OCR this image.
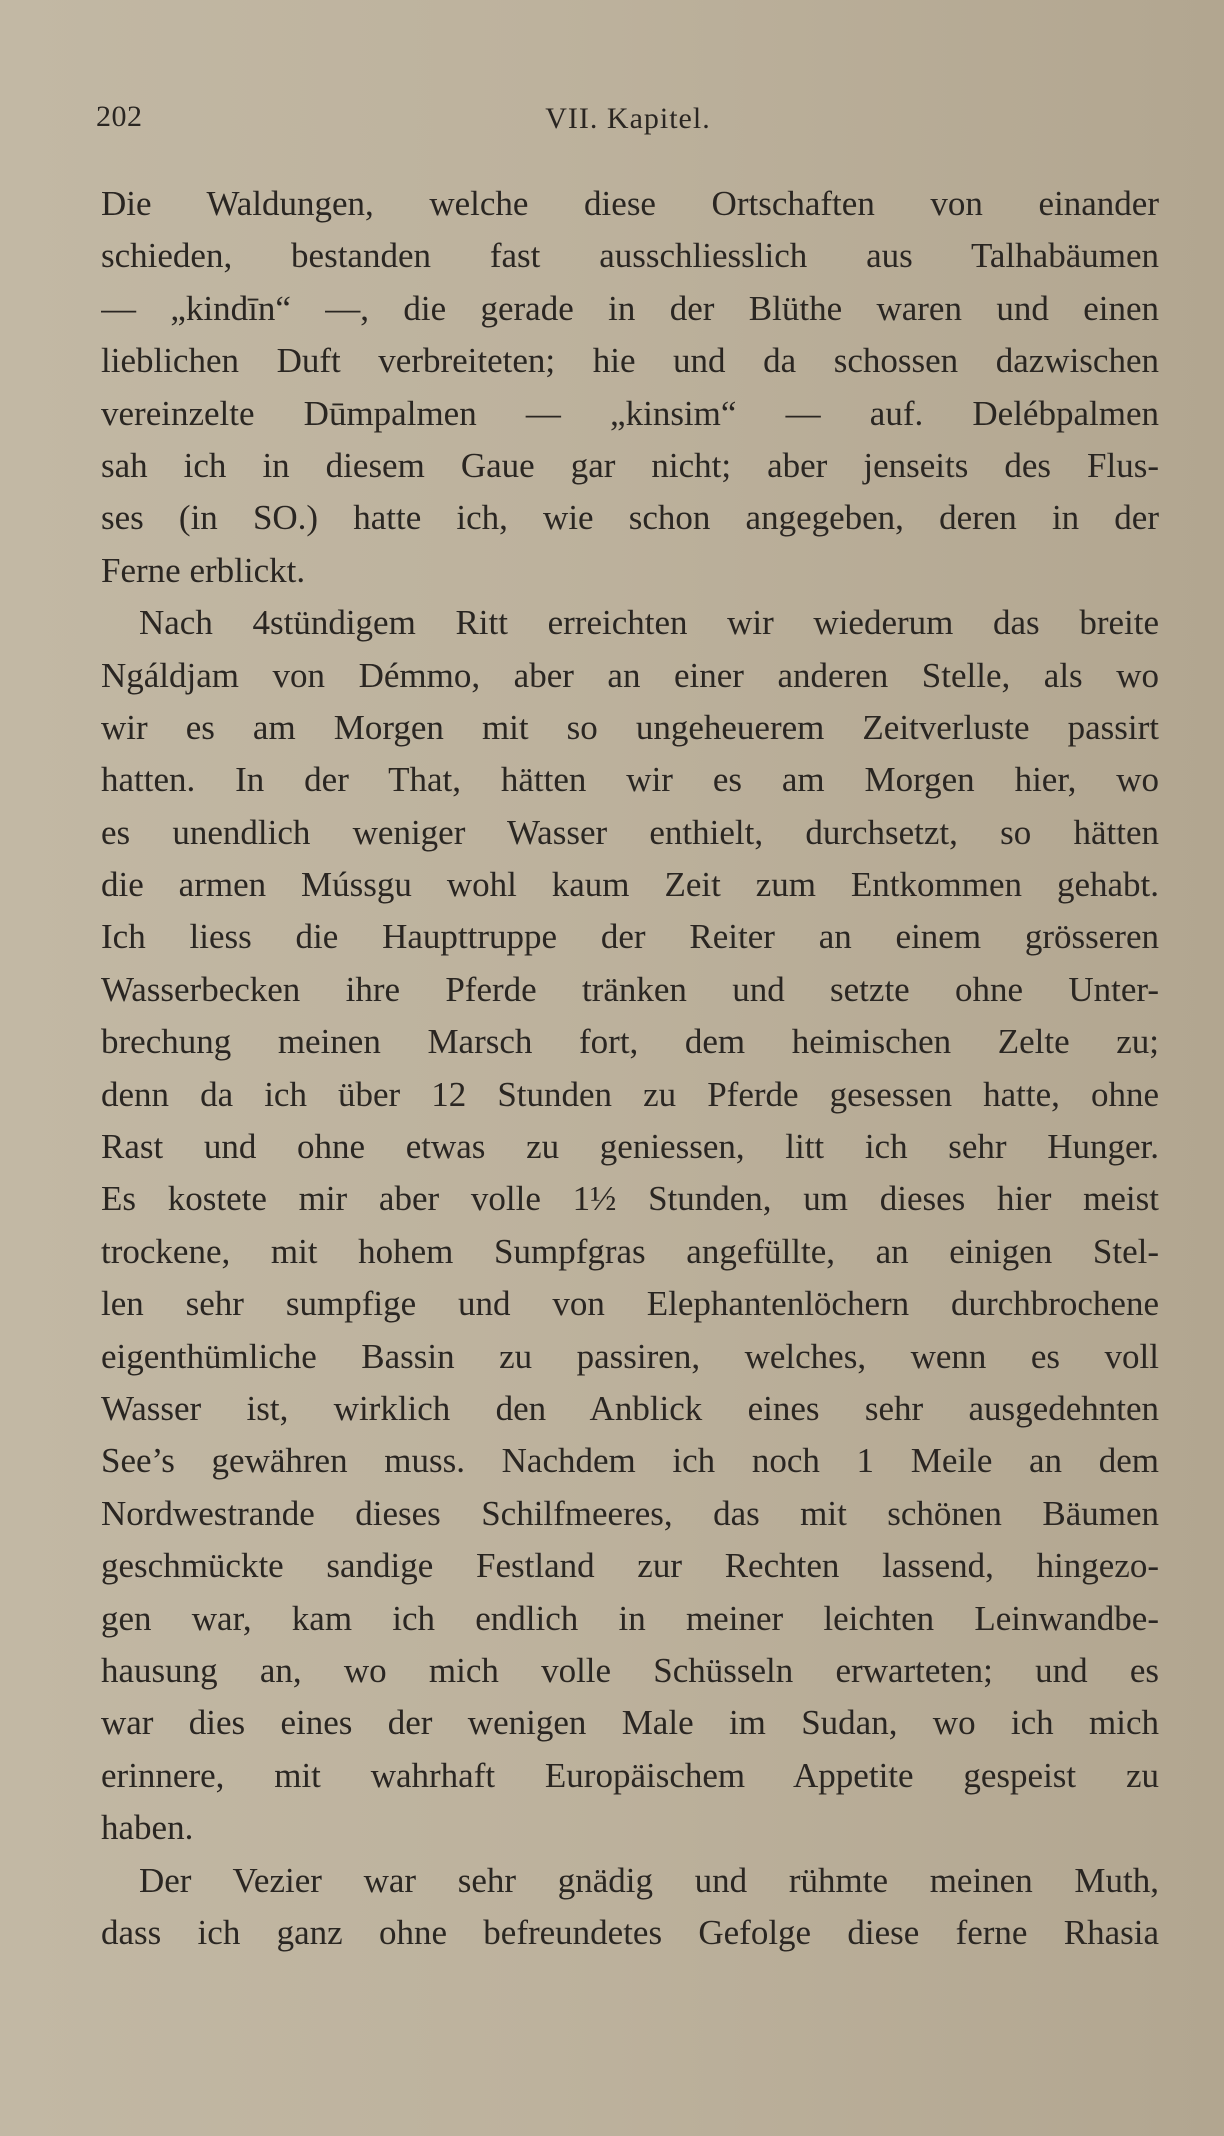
202	VII. Kapitel.
Die Waldungen, welche diese Ortschaften von einander
schieden, bestanden fast ausschliesslich aus Talhabäumen
— „kindīn“ —, die gerade in der Blüthe waren und einen
lieblichen Duft verbreiteten; hie und da schossen dazwischen
vereinzelte Dūmpalmen — „kinsim“ — auf. Delébpalmen
sah ich in diesem Gaue gar nicht; aber jenseits des Flus-
ses (in SO.) hatte ich, wie schon angegeben, deren in der
Ferne erblickt.
Nach 4stündigem Ritt erreichten wir wiederum das breite
Ngáldjam von Démmo, aber an einer anderen Stelle, als wo
wir es am Morgen mit so ungeheuerem Zeitverluste passirt
hatten. In der That, hätten wir es am Morgen hier, wo
es unendlich weniger Wasser enthielt, durchsetzt, so hätten
die armen Mússgu wohl kaum Zeit zum Entkommen gehabt.
Ich liess die Haupttruppe der Reiter an einem grösseren
Wasserbecken ihre Pferde tränken und setzte ohne Unter-
brechung meinen Marsch fort, dem heimischen Zelte zu;
denn da ich über 12 Stunden zu Pferde gesessen hatte, ohne
Rast und ohne etwas zu geniessen, litt ich sehr Hunger.
Es kostete mir aber volle 1½ Stunden, um dieses hier meist
trockene, mit hohem Sumpfgras angefüllte, an einigen Stel-
len sehr sumpfige und von Elephantenlöchern durchbrochene
eigenthümliche Bassin zu passiren, welches, wenn es voll
Wasser ist, wirklich den Anblick eines sehr ausgedehnten
See’s gewähren muss. Nachdem ich noch 1 Meile an dem
Nordwestrande dieses Schilfmeeres, das mit schönen Bäumen
geschmückte sandige Festland zur Rechten lassend, hingezo-
gen war, kam ich endlich in meiner leichten Leinwandbe-
hausung an, wo mich volle Schüsseln erwarteten; und es
war dies eines der wenigen Male im Sudan, wo ich mich
erinnere, mit wahrhaft Europäischem Appetite gespeist zu
haben.
Der Vezier war sehr gnädig und rühmte meinen Muth,
dass ich ganz ohne befreundetes Gefolge diese ferne Rhasia
